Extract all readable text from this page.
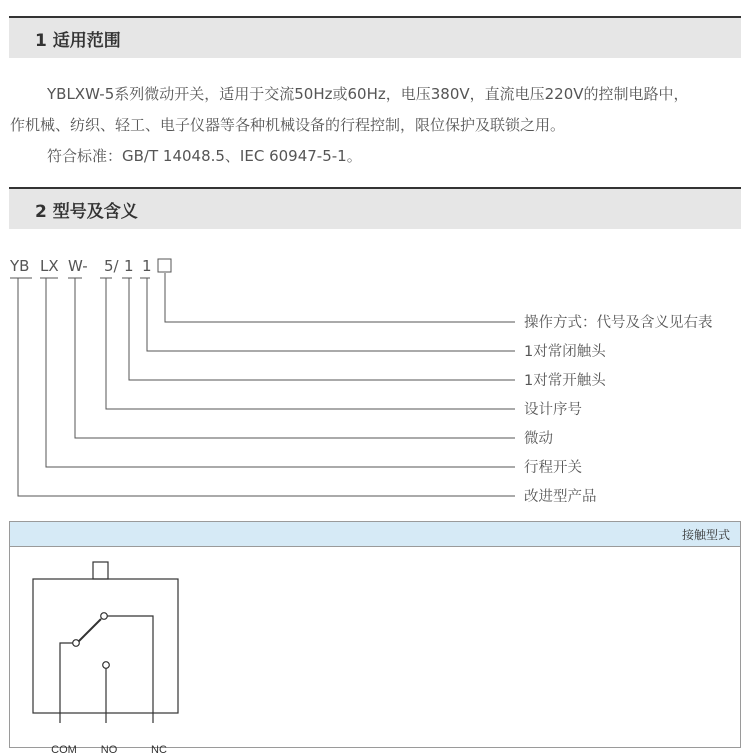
1 适用范围
YBLXW-5系列微动开关，适用于交流50Hz或60Hz，电压380V，直流电压220V的控制电路中，
作机械、纺织、轻工、电子仪器等各种机械设备的行程控制，限位保护及联锁之用。
符合标准：GB/T 14048.5、IEC 60947-5-1。
2 型号及含义
YB LX W- 5/ 1 1
操作方式：代号及含义见右表
1对常闭触头
1对常开触头
设计序号
微动
行程开关
改进型产品
接触型式
COM NO	NC
